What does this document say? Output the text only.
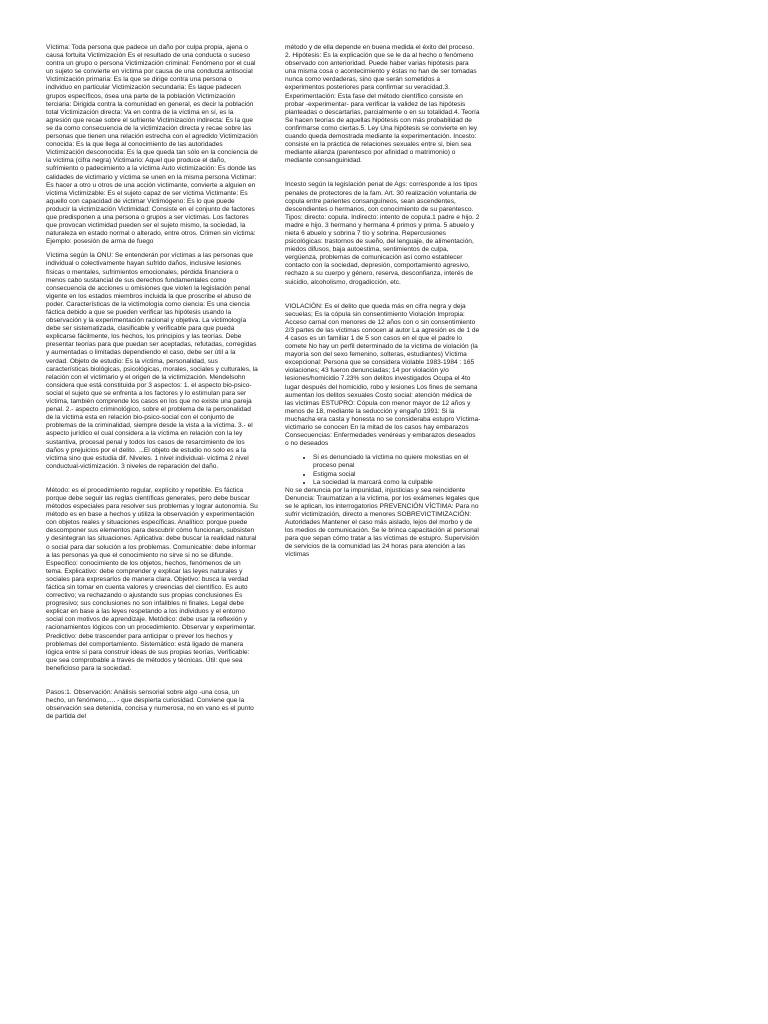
Víctima: Toda persona que padece un daño por culpa propia, ajena o causa fortuita Victimización Es el resultado de una conducta o suceso contra un grupo o persona Victimización criminal: Fenómeno por el cual un sujeto se convierte en víctima por causa de una conducta antisocial Victimización primaria: Es la que se dirige contra una persona o individuo en particular Victimización secundaria: Es laque padecen grupos específicos, ósea una parte de la población Victimización terciaria: Dirigida contra la comunidad en general, es decir la población total Victimización directa: Va en contra de la víctima en sí, es la agresión que recae sobre el sufriente Victimización indirecta: Es la que se da como consecuencia de la victimización directa y recae sobre las personas que tienen una relación estrecha con el agredido Victimización conocida: Es la que llega al conocimiento de las autoridades Victimización desconocida: Es la que queda tan sólo en la conciencia de la víctima (cifra negra) Victimario: Aquel que produce el daño, sufrimiento o padecimiento a la víctima Auto victimización: Es donde las calidades de victimario y víctima se unen en la misma persona Victimar: Es hacer a otro u otros de una acción victimante, convierte a alguien en víctima Victimizable: Es el sujeto capaz de ser víctima Victimante: Es aquello con capacidad de victimar Victimógeno: Es lo que puede producir la victimización Victimidad: Consiste en el conjunto de factores que predisponen a una persona o grupos a ser víctimas. Los factores que provocan victimidad pueden ser el sujeto mismo, la sociedad, la naturaleza en estado normal o alterado, entre otros. Crimen sin víctima: Ejemplo: posesión de arma de fuego

Víctima según la ONU: Se entenderán por víctimas a las personas que individual o colectivamente hayan sufrido daños, inclusive lesiones físicas o mentales, sufrimientos emocionales, pérdida financiera o menos cabo sustancial de sus derechos fundamentales como consecuencia de acciones u omisiones que violen la legislación penal vigente en los estados miembros incluida la que proscribe el abuso de poder. Características de la victimología como ciencia: Es una ciencia fáctica debido a que se pueden verificar las hipótesis usando la observación y la experimentación racional y objetiva. La victimología debe ser sistematizada, clasificable y verificable para que pueda explicarse fácilmente, los hechos, los principios y las teorías. Debe presentar teorías para que puedan ser aceptadas, refutadas, corregidas y aumentadas o limitadas dependiendo el caso, debe ser útil a la verdad. Objeto de estudio: Es la víctima, personalidad, sus características biológicas, psicológicas, morales, sociales y culturales, la relación con el victimario y el origen de la victimización. Mendelsohn considera que está constituida por 3 aspectos: 1. el aspecto bio-psico-social el sujeto que se enfrenta a los factores y lo estimulan para ser víctima, también comprende los casos en los que no existe una pareja penal. 2.- aspecto criminológico, sobre el problema de la personalidad de la víctima esta en relación bio-psico-social con el conjunto de problemas de la criminalidad, siempre desde la vista a la víctima. 3.- el aspecto jurídico el cual considera a la víctima en relación con la ley sustantiva, procesal penal y todos los casos de resarcimiento de los daños y prejuicios por el delito. ...El objeto de estudio no solo es a la víctima sino que estudia dif. Niveles. 1 nivel individual- víctima 2 nivel conductual-victimización. 3 niveles de reparación del daño.

Método: es el procedimiento regular, explícito y repetible. Es fáctica porque debe seguir las reglas científicas generales, pero debe buscar métodos especiales para resolver sus problemas y lograr autonomía. Su método es en base a hechos y utiliza la observación y experimentación con objetos reales y situaciones específicas. Analítico: porque puede descomponer sus elementos para descubrir cómo funcionan, subsisten y desintegran las situaciones. Aplicativa: debe buscar la realidad natural o social para dar solución a los problemas. Comunicable: debe informar a las personas ya que el conocimiento no sirve si no se difunde. Especifico: conocimiento de los objetos, hechos, fenómenos de un tema. Explicativo: debe comprender y explicar las leyes naturales y sociales para expresarlos de manera clara. Objetivo: busca la verdad fáctica sin tomar en cuenta valores y creencias del científico. Es auto correctivo; va rechazando o ajustando sus propias conclusiones Es progresivo; sus conclusiones no son infalibles ni finales. Legal debe explicar en base a las leyes respetando a los individuos y el entorno social con motivos de aprendizaje. Metódico: debe usar la reflexión y racionamientos lógicos con un procedimiento. Observar y experimentar. Predictivo: debe trascender para anticipar o prever los hechos y problemas del comportamiento. Sistemático: está ligado de manera lógica entre sí para construir ideas de sus propias teorías. Verificable: que sea comprobable a través de métodos y técnicas. Útil: que sea beneficioso para la sociedad.

Pasos:1. Observación: Análisis sensorial sobre algo -una cosa, un hecho, un fenómeno,.... - que despierta curiosidad. Conviene que la observación sea detenida, concisa y numerosa, no en vano es el punto de partida del

método y de ella depende en buena medida el éxito del proceso. 2. Hipótesis: Es la explicación que se le da al hecho o fenómeno observado con anterioridad. Puede haber varias hipótesis para una misma cosa o acontecimiento y éstas no han de ser tomadas nunca como verdaderas, sino que serán sometidos a experimentos posteriores para confirmar su veracidad.3. Experimentación: Esta fase del método científico consiste en probar -experimentar- para verificar la validez de las hipótesis planteadas o descartarlas, parcialmente o en su totalidad.4. Teoría Se hacen teorías de aquellas hipótesis con más probabilidad de confirmarse como ciertas.5. Ley Una hipótesis se convierte en ley cuando queda demostrada mediante la experimentación. Incesto: consiste en la práctica de relaciones sexuales entre si, bien sea mediante alianza (parentesco por afinidad o matrimonio) o mediante consanguinidad.

Incesto según la legislación penal de Ags: corresponde a los tipos penales de protectores de la fam. Art. 30 realización voluntaria de copula entre parientes consanguíneos, sean ascendentes, descendientes o hermanos, con conocimiento de su parentesco. Tipos: directo: copula. Indirecto: intento de copula.1 padre e hijo. 2 madre e hijo. 3 hermano y hermana 4 primos y prima. 5 abuelo y nieta 6 abuelo y sobrina 7 tío y sobrina. Repercusiones psicológicas: trastornos de sueño, del lenguaje, de alimentación, miedos difusos, baja autoestima, sentimientos de culpa, vergüenza, problemas de comunicación así como establecer contacto con la sociedad, depresión, comportamiento agresivo, rechazo a su cuerpo y género, reserva, desconfianza, interés de suicidio, alcoholismo, drogadicción, etc.

VIOLACIÓN: Es el delito que queda más en cifra negra y deja secuelas; Es la cópula sin consentimiento Violación Impropia: Acceso carnal con menores de 12 años con o sin consentimiento 2/3 partes de las víctimas conocen al autor La agresión es de 1 de 4 casos es un familiar 1 de 5 son casos en el que el padre lo comete No hay un perfil determinado de la víctima de violación (la mayoría son del sexo femenino, solteras, estudiantes) Víctima excepcional: Persona que se considera violable 1983-1984 : 165 violaciones; 43 fueron denunciadas; 14 por violación y/o lesiones/homicidio 7.23% son delitos investigados Ocupa el 4to lugar después del homicidio, robo y lesiones Los fines de semana aumentan los delitos sexuales Costo social: atención médica de las víctimas ESTUPRO: Cópula con menor mayor de 12 años y menos de 18, mediante la seducción y engaño 1991: Si la muchacha era casta y honesta no se consideraba estupro Víctima- victimario se conocen En la mitad de los casos hay embarazos Consecuencias: Enfermedades venéreas y embarazos deseados o no deseados

• Si es denunciado la víctima no quiere molestias en el proceso penal
• Estigma social
• La sociedad la marcará como la culpable

No se denuncia por la impunidad, injusticias y sea reincidente Denuncia: Traumatizan a la víctima, por los exámenes legales que se le aplican, los interrogatorios PREVENCIÓN VÍCTIMA: Para no sufrir victimización, directo a menores SOBREVICTIMIZACIÓN: Autoridades Mantener el caso más aislado, lejos del morbo y de los medios de comunicación. Se le brinca capacitación al personal para que sepan cómo tratar a las víctimas de estupro. Supervisión de servicios de la comunidad las 24 horas para atención a las víctimas
